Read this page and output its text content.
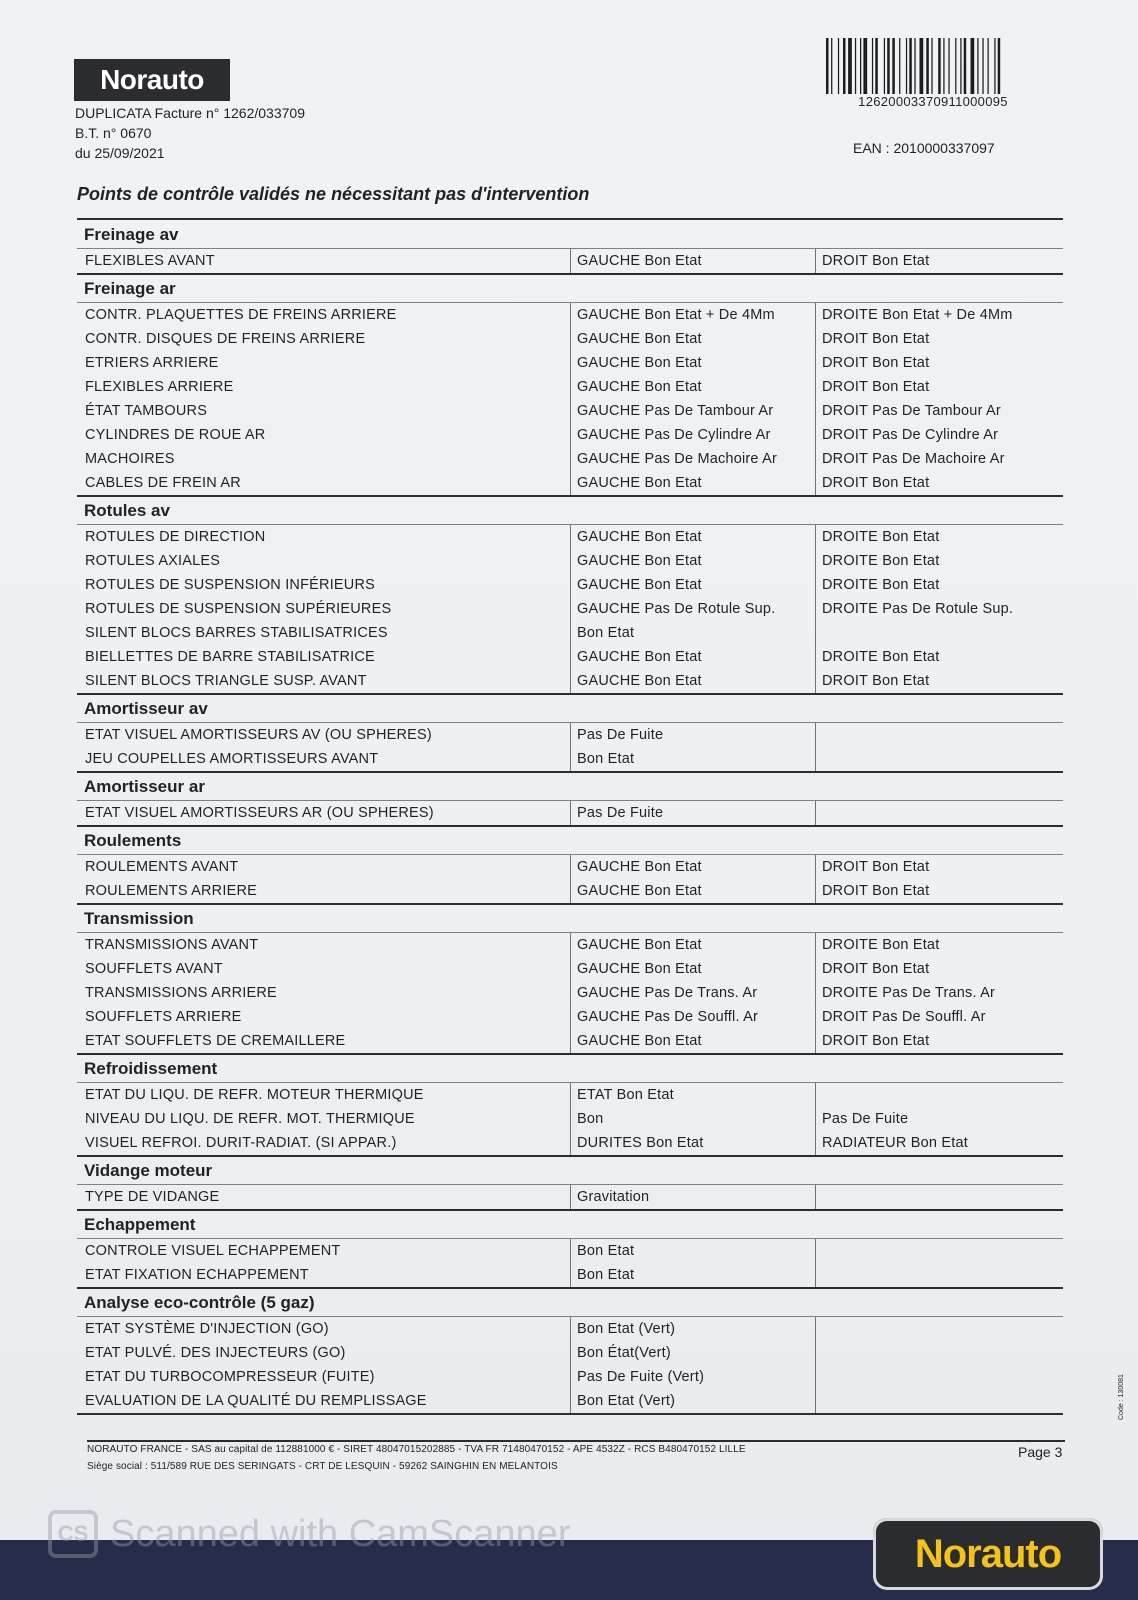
Norauto
DUPLICATA Facture n° 1262/033709
B.T. n° 0670
du 25/09/2021
12620003370911000095
EAN : 2010000337097
Points de contrôle validés ne nécessitant pas d'intervention
Freinage av
FLEXIBLES AVANT	GAUCHE Bon Etat	DROIT Bon Etat
Freinage ar
CONTR. PLAQUETTES DE FREINS ARRIERE	GAUCHE Bon Etat + De 4Mm	DROITE Bon Etat + De 4Mm
CONTR. DISQUES DE FREINS ARRIERE	GAUCHE Bon Etat	DROIT Bon Etat
ETRIERS ARRIERE	GAUCHE Bon Etat	DROIT Bon Etat
FLEXIBLES ARRIERE	GAUCHE Bon Etat	DROIT Bon Etat
ÉTAT TAMBOURS	GAUCHE Pas De Tambour Ar	DROIT Pas De Tambour Ar
CYLINDRES DE ROUE AR	GAUCHE Pas De Cylindre Ar	DROIT Pas De Cylindre Ar
MACHOIRES	GAUCHE Pas De Machoire Ar	DROIT Pas De Machoire Ar
CABLES DE FREIN AR	GAUCHE Bon Etat	DROIT Bon Etat
Rotules av
ROTULES DE DIRECTION	GAUCHE Bon Etat	DROITE Bon Etat
ROTULES AXIALES	GAUCHE Bon Etat	DROITE Bon Etat
ROTULES DE SUSPENSION INFÉRIEURS	GAUCHE Bon Etat	DROITE Bon Etat
ROTULES DE SUSPENSION SUPÉRIEURES	GAUCHE Pas De Rotule Sup.	DROITE Pas De Rotule Sup.
SILENT BLOCS BARRES STABILISATRICES	Bon Etat
BIELLETTES DE BARRE STABILISATRICE	GAUCHE Bon Etat	DROITE Bon Etat
SILENT BLOCS TRIANGLE SUSP. AVANT	GAUCHE Bon Etat	DROIT Bon Etat
Amortisseur av
ETAT VISUEL AMORTISSEURS AV (OU SPHERES)	Pas De Fuite
JEU COUPELLES AMORTISSEURS AVANT	Bon Etat
Amortisseur ar
ETAT VISUEL AMORTISSEURS AR (OU SPHERES)	Pas De Fuite
Roulements
ROULEMENTS AVANT	GAUCHE Bon Etat	DROIT Bon Etat
ROULEMENTS ARRIERE	GAUCHE Bon Etat	DROIT Bon Etat
Transmission
TRANSMISSIONS AVANT	GAUCHE Bon Etat	DROITE Bon Etat
SOUFFLETS AVANT	GAUCHE Bon Etat	DROIT Bon Etat
TRANSMISSIONS ARRIERE	GAUCHE Pas De Trans. Ar	DROITE Pas De Trans. Ar
SOUFFLETS ARRIERE	GAUCHE Pas De Souffl. Ar	DROIT Pas De Souffl. Ar
ETAT SOUFFLETS DE CREMAILLERE	GAUCHE Bon Etat	DROIT Bon Etat
Refroidissement
ETAT DU LIQU. DE REFR. MOTEUR THERMIQUE	ETAT Bon Etat
NIVEAU DU LIQU. DE REFR. MOT. THERMIQUE	Bon	Pas De Fuite
VISUEL REFROI. DURIT-RADIAT. (SI APPAR.)	DURITES Bon Etat	RADIATEUR Bon Etat
Vidange moteur
TYPE DE VIDANGE	Gravitation
Echappement
CONTROLE VISUEL ECHAPPEMENT	Bon Etat
ETAT FIXATION ECHAPPEMENT	Bon Etat
Analyse eco-contrôle (5 gaz)
ETAT SYSTÈME D'INJECTION (GO)	Bon Etat (Vert)
ETAT PULVÉ. DES INJECTEURS (GO)	Bon État(Vert)
ETAT DU TURBOCOMPRESSEUR (FUITE)	Pas De Fuite (Vert)
EVALUATION DE LA QUALITÉ DU REMPLISSAGE	Bon Etat (Vert)
NORAUTO FRANCE - SAS au capital de 112881000 € - SIRET 48047015202885 - TVA FR 71480470152 - APE 4532Z - RCS B480470152 LILLE
Siège social : 511/589 RUE DES SERINGATS - CRT DE LESQUIN - 59262 SAINGHIN EN MELANTOIS
Page 3
Code : 130081
CS Scanned with CamScanner	Norauto
